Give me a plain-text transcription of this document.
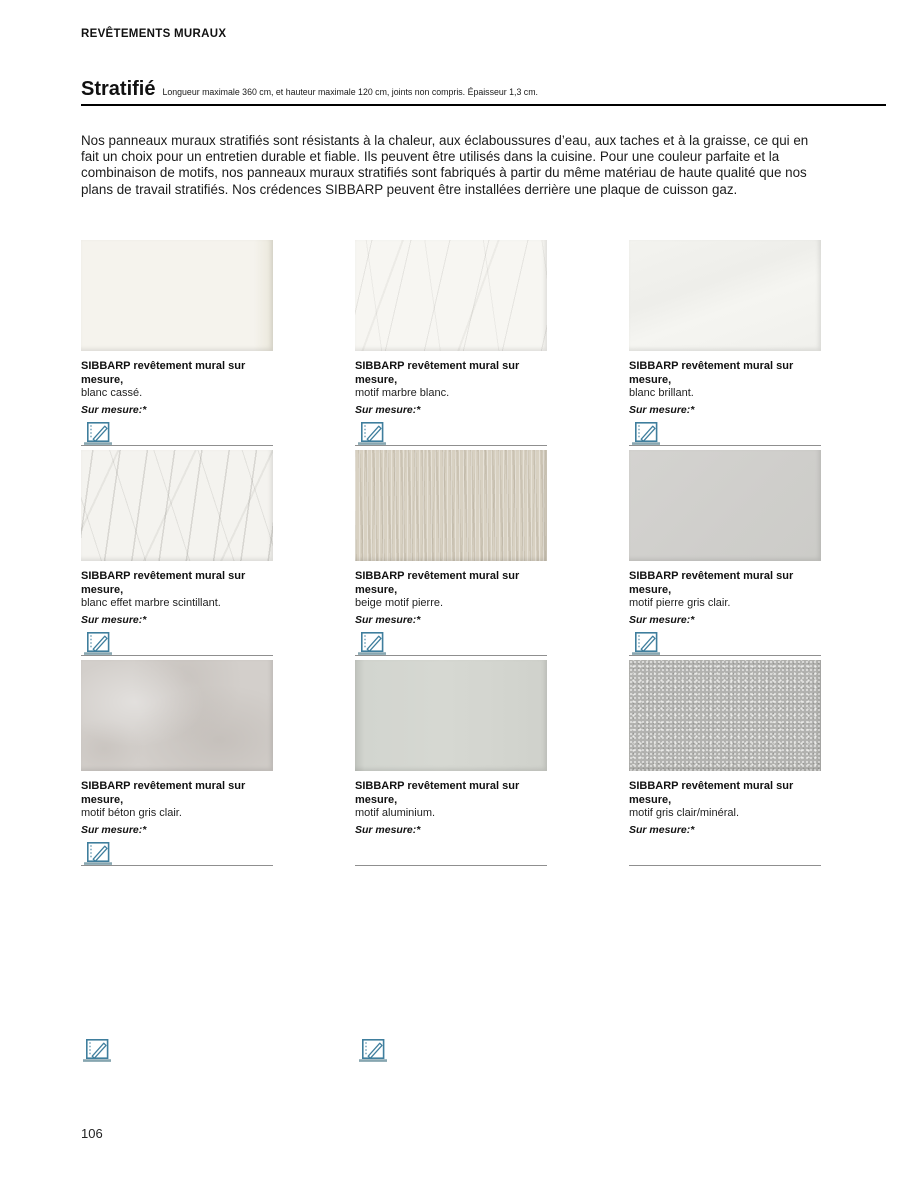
REVÊTEMENTS MURAUX
Stratifié Longueur maximale 360 cm, et hauteur maximale 120 cm, joints non compris. Épaisseur 1,3 cm.

Nos panneaux muraux stratifiés sont résistants à la chaleur, aux éclaboussures d’eau, aux taches et à la graisse, ce qui en fait un choix pour un entretien durable et fiable. Ils peuvent être utilisés dans la cuisine. Pour une couleur parfaite et la combinaison de motifs, nos panneaux muraux stratifiés sont fabriqués à partir du même matériau de haute qualité que nos plans de travail stratifiés. Nos crédences SIBBARP peuvent être installées derrière une plaque de cuisson gaz.

SIBBARP revêtement mural sur mesure,
blanc cassé.
Sur mesure:*
SIBBARP revêtement mural sur mesure,
motif marbre blanc.
Sur mesure:*
SIBBARP revêtement mural sur mesure,
blanc brillant.
Sur mesure:*
SIBBARP revêtement mural sur mesure,
blanc effet marbre scintillant.
Sur mesure:*
SIBBARP revêtement mural sur mesure,
beige motif pierre.
Sur mesure:*
SIBBARP revêtement mural sur mesure,
motif pierre gris clair.
Sur mesure:*
SIBBARP revêtement mural sur mesure,
motif béton gris clair.
Sur mesure:*
SIBBARP revêtement mural sur mesure,
motif aluminium.
Sur mesure:*
SIBBARP revêtement mural sur mesure,
motif gris clair/minéral.
Sur mesure:*
106
